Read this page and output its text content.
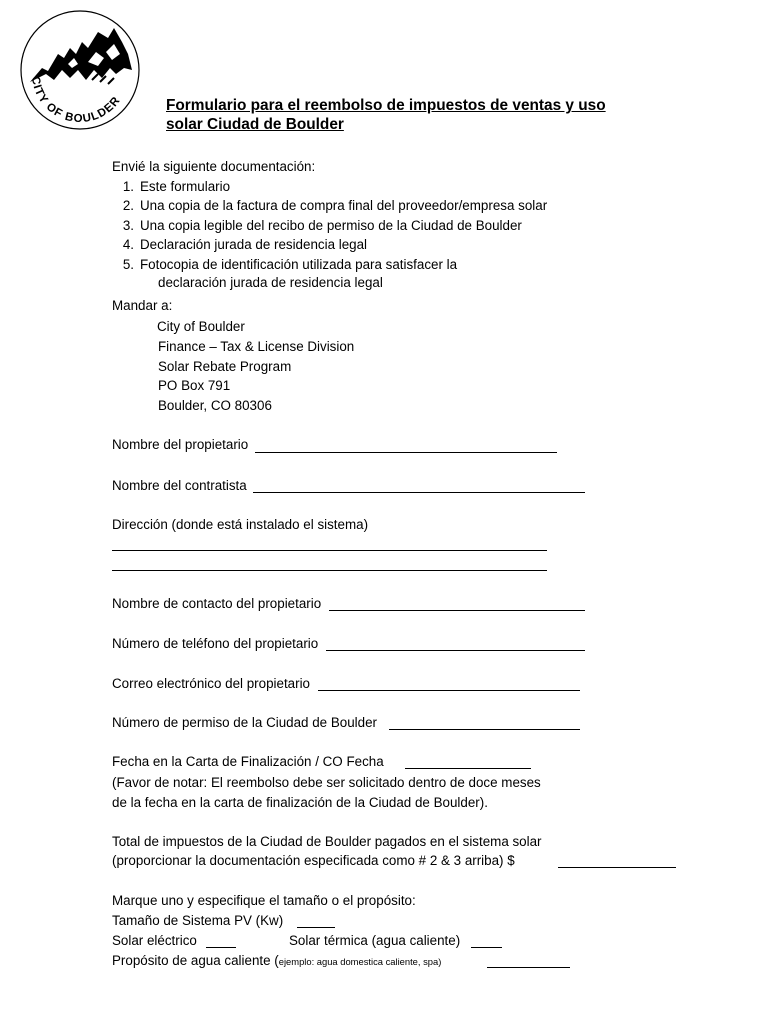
CITY OF BOULDER	Formulario para el reembolso de impuestos de ventas y uso
solar Ciudad de Boulder
Envié la siguiente documentación:
1. Este formulario
2. Una copia de la factura de compra final del proveedor/empresa solar
3. Una copia legible del recibo de permiso de la Ciudad de Boulder
4. Declaración jurada de residencia legal
5. Fotocopia de identificación utilizada para satisfacer la
declaración jurada de residencia legal
Mandar a:
City of Boulder
Finance – Tax & License Division
Solar Rebate Program
PO Box 791
Boulder, CO 80306
Nombre del propietario
Nombre del contratista
Dirección (donde está instalado el sistema)
Nombre de contacto del propietario
Número de teléfono del propietario
Correo electrónico del propietario
Número de permiso de la Ciudad de Boulder
Fecha en la Carta de Finalización / CO Fecha
(Favor de notar: El reembolso debe ser solicitado dentro de doce meses
de la fecha en la carta de finalización de la Ciudad de Boulder).
Total de impuestos de la Ciudad de Boulder pagados en el sistema solar
(proporcionar la documentación especificada como # 2 & 3 arriba) $
Marque uno y especifique el tamaño o el propósito:
Tamaño de Sistema PV (Kw)
Solar eléctrico	Solar térmica (agua caliente)
Propósito de agua caliente (ejemplo: agua domestica caliente, spa)
